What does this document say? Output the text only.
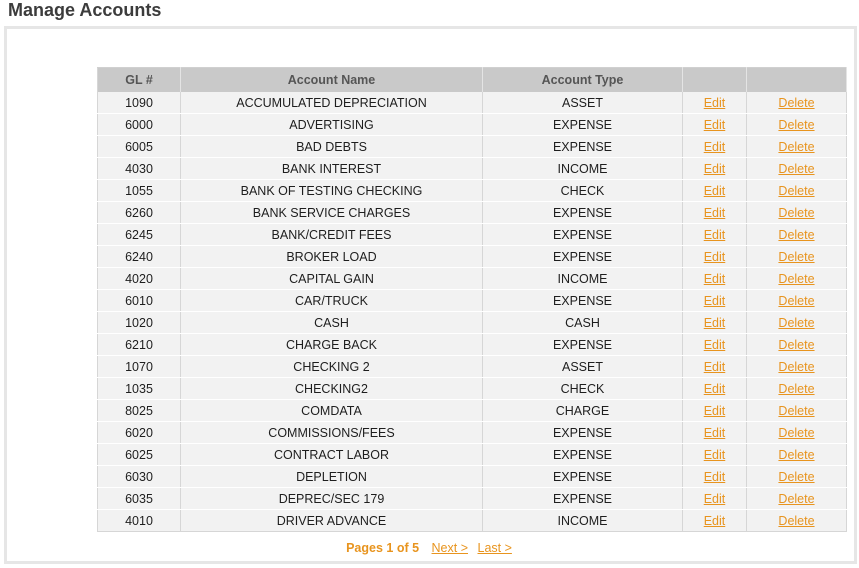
Manage Accounts
GL #	Account Name	Account Type		
1090	ACCUMULATED DEPRECIATION	ASSET	Edit	Delete
6000	ADVERTISING	EXPENSE	Edit	Delete
6005	BAD DEBTS	EXPENSE	Edit	Delete
4030	BANK INTEREST	INCOME	Edit	Delete
1055	BANK OF TESTING CHECKING	CHECK	Edit	Delete
6260	BANK SERVICE CHARGES	EXPENSE	Edit	Delete
6245	BANK/CREDIT FEES	EXPENSE	Edit	Delete
6240	BROKER LOAD	EXPENSE	Edit	Delete
4020	CAPITAL GAIN	INCOME	Edit	Delete
6010	CAR/TRUCK	EXPENSE	Edit	Delete
1020	CASH	CASH	Edit	Delete
6210	CHARGE BACK	EXPENSE	Edit	Delete
1070	CHECKING 2	ASSET	Edit	Delete
1035	CHECKING2	CHECK	Edit	Delete
8025	COMDATA	CHARGE	Edit	Delete
6020	COMMISSIONS/FEES	EXPENSE	Edit	Delete
6025	CONTRACT LABOR	EXPENSE	Edit	Delete
6030	DEPLETION	EXPENSE	Edit	Delete
6035	DEPREC/SEC 179	EXPENSE	Edit	Delete
4010	DRIVER ADVANCE	INCOME	Edit	Delete
Pages 1 of 5 Next > Last >
